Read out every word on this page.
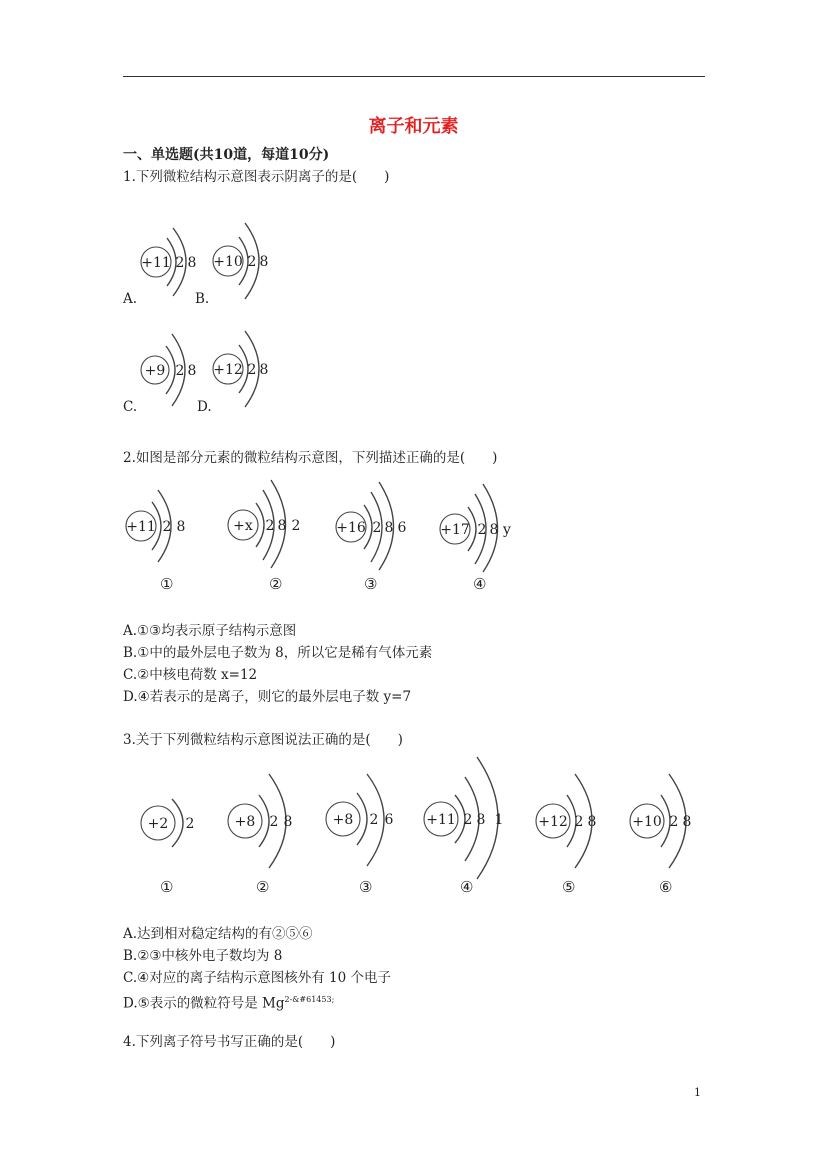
离子和元素
一、单选题(共10道，每道10分)
1.下列微粒结构示意图表示阴离子的是(　　)
+11 2 8 +10 2 8
A.	B.
+9 2 8 +12 2 8
C.	D.
2.如图是部分元素的微粒结构示意图，下列描述正确的是(　　)
+11 2 8	+x 2 8 2	+16 2 8 6 +17 2 8 y
①	②	③	④
A.①③均表示原子结构示意图
B.①中的最外层电子数为 8，所以它是稀有气体元素
C.②中核电荷数 x=12
D.④若表示的是离子，则它的最外层电子数 y=7
3.关于下列微粒结构示意图说法正确的是(　　)
+2 2	+8 2 8	+8 2 6 +11 2 8 1 +12 2 8	+10 2 8
①	②	③	④	⑤	⑥
A.达到相对稳定结构的有②⑤⑥
B.②③中核外电子数均为 8
C.④对应的离子结构示意图核外有 10 个电子
D.⑤表示的微粒符号是 $Mg^{2-\&\#61453;}$
4.下列离子符号书写正确的是(　　)
1
